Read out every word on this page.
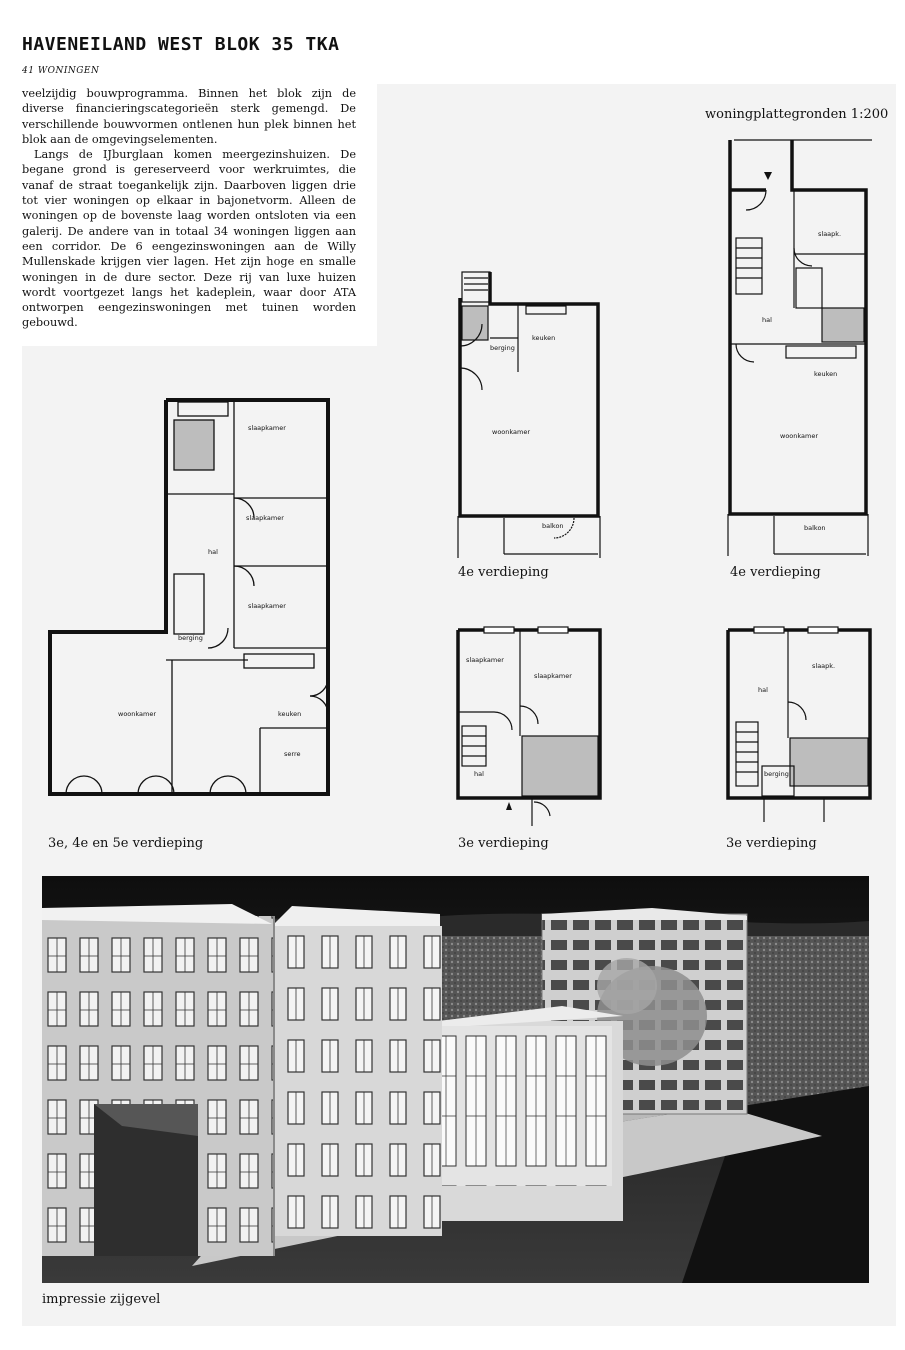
HAVENEILAND WEST BLOK 35 TKA
41 WONINGEN

veelzijdig bouwprogramma. Binnen het blok zijn de diverse financieringscategorieën sterk gemengd. De verschillende bouwvormen ontlenen hun plek binnen het blok aan de omgevingselementen.

Langs de IJburglaan komen meergezinshuizen. De begane grond is gereserveerd voor werkruimtes, die vanaf de straat toegankelijk zijn. Daarboven liggen drie tot vier woningen op elkaar in bajonetvorm. Alleen de woningen op de bovenste laag worden ontsloten via een galerij. De andere van in totaal 34 woningen liggen aan een corridor. De 6 eengezinswoningen aan de Willy Mullenskade krijgen vier lagen. Het zijn hoge en smalle woningen in de dure sector. Deze rij van luxe huizen wordt voortgezet langs het kadeplein, waar door ATA ontworpen eengezinswoningen met tuinen worden gebouwd.

woningplattegronden 1:200
slaapkamer
slaapkamer
slaapkamer
hal
berging
woonkamer	keuken
serre
3e, 4e en 5e verdieping
keuken
berging
woonkamer
balkon
4e verdieping
slaapk.
hal
keuken
woonkamer
balkon
4e verdieping
slaapkamer
slaapkamer
hal
3e verdieping
hal
slaapk.
berging
3e verdieping
impressie zijgevel
